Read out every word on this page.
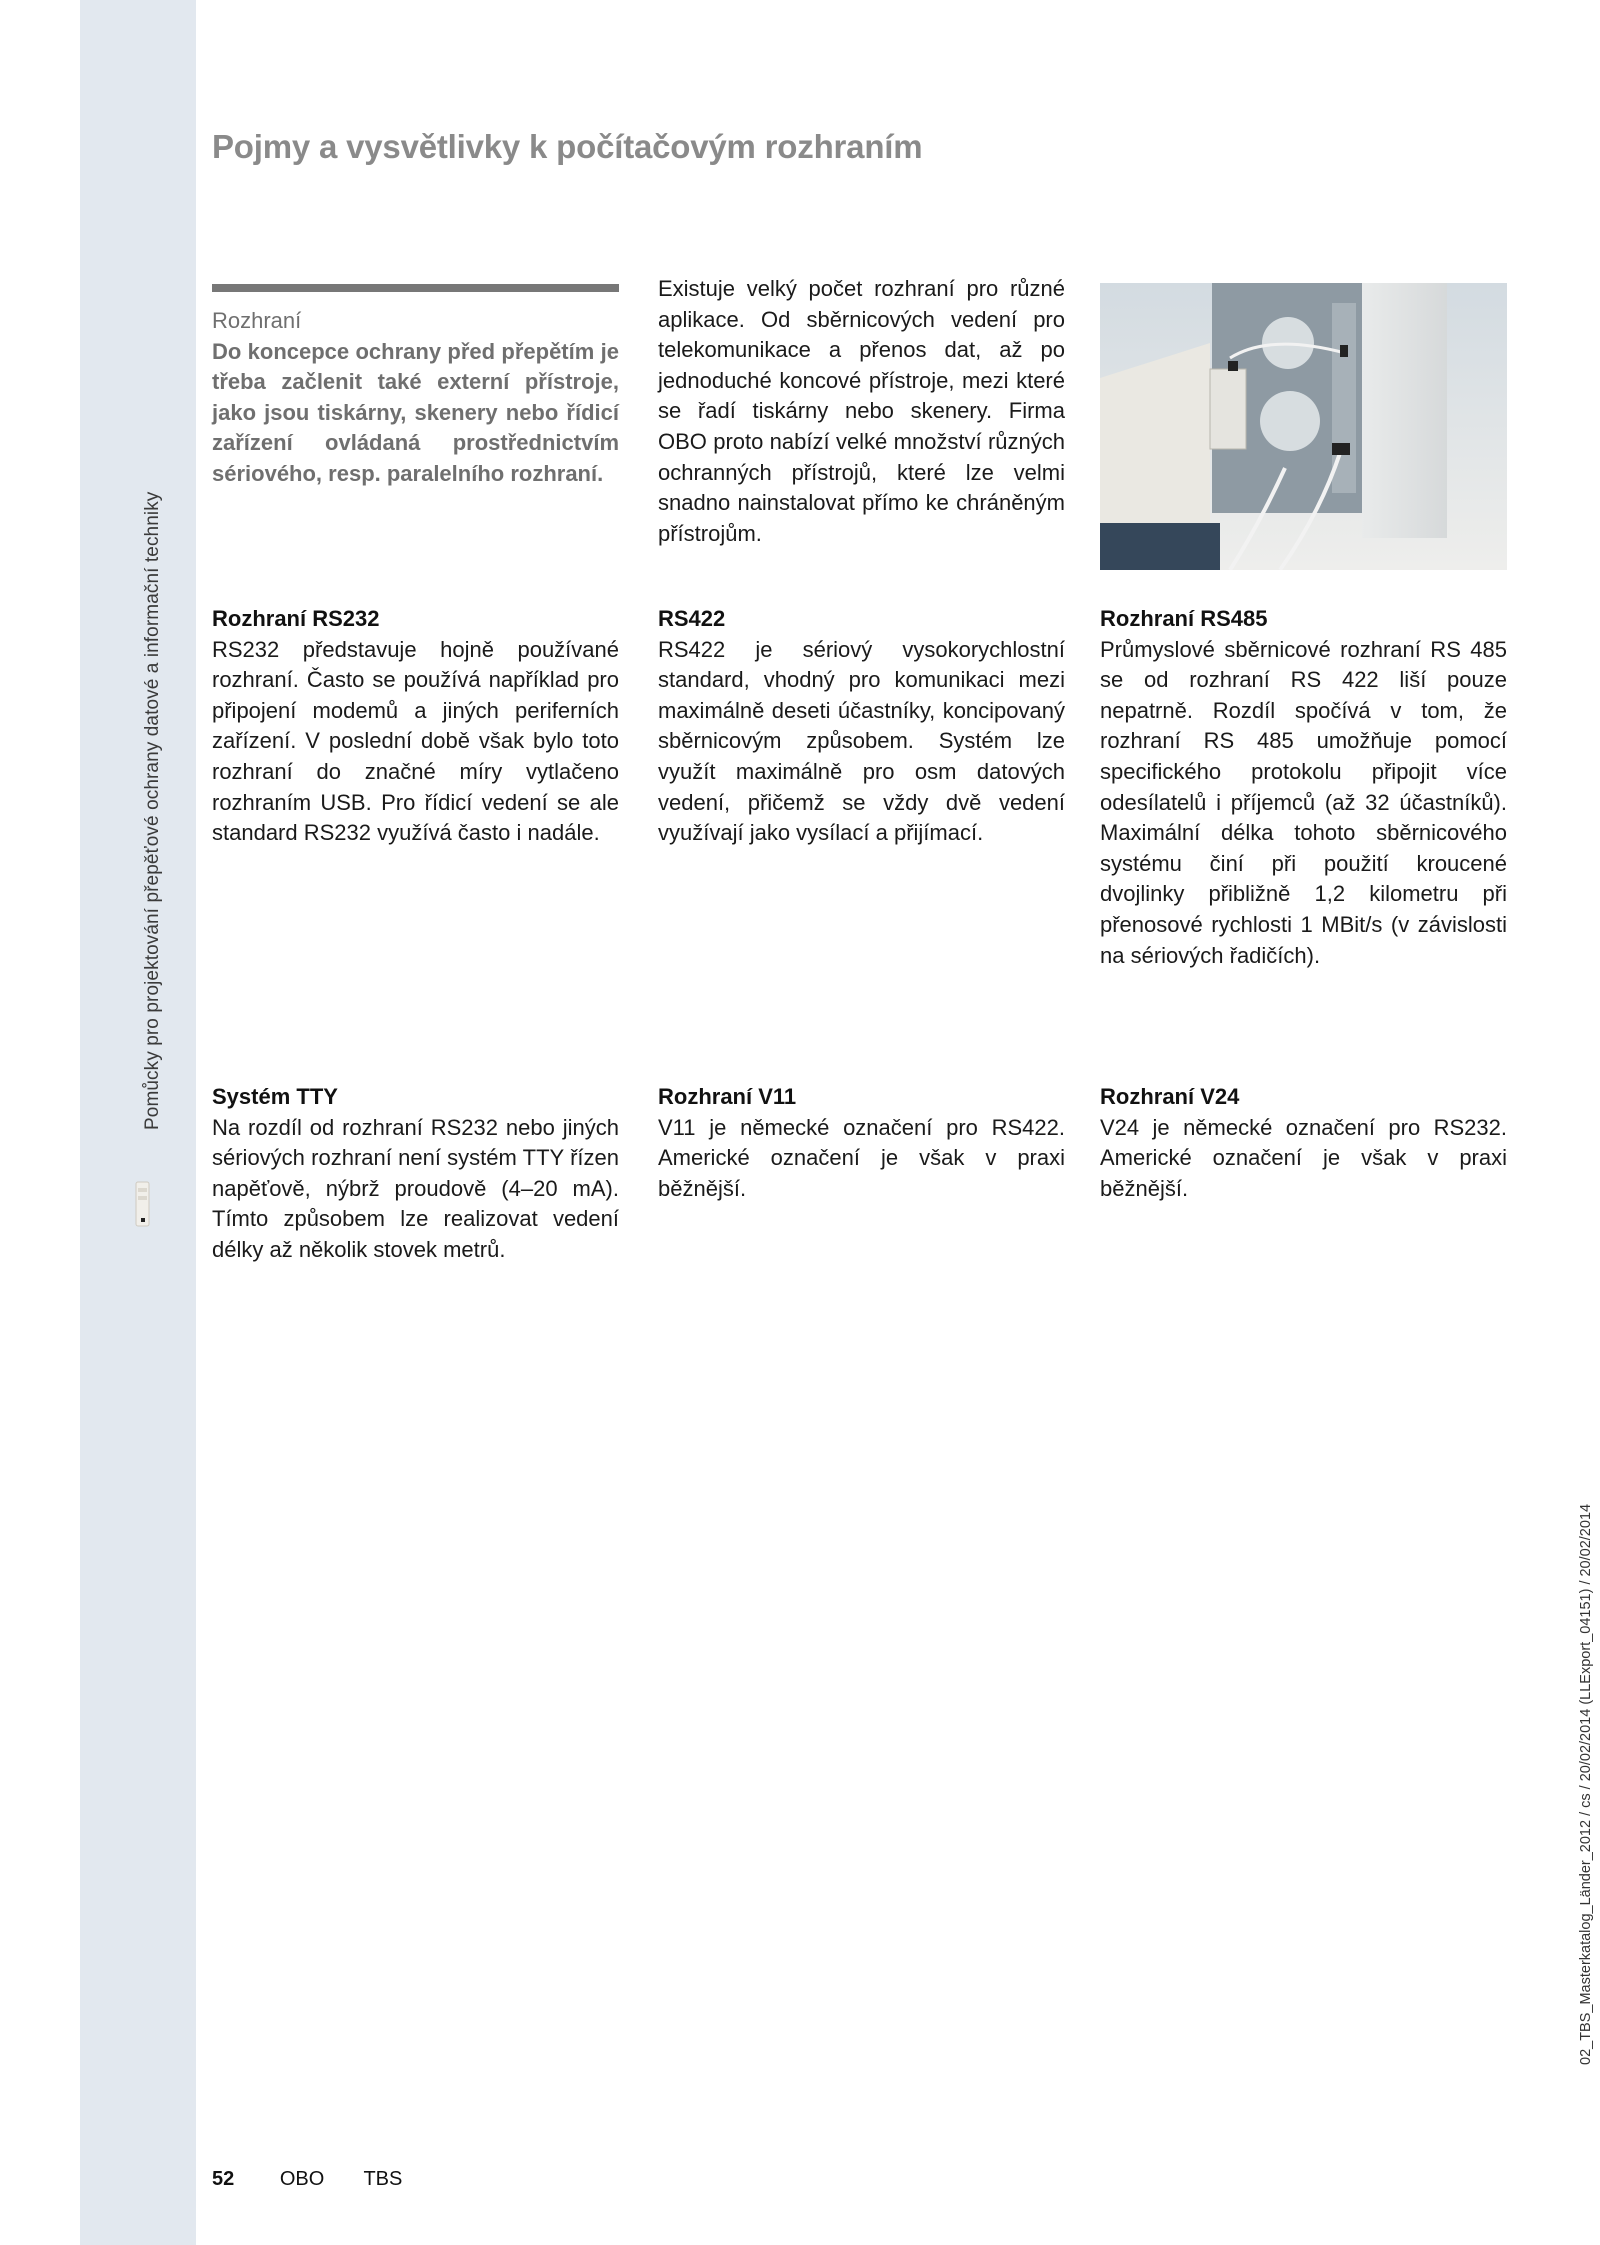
Pomůcky pro projektování přepěťové ochrany datové a informační techniky
Pojmy a vysvětlivky k počítačovým rozhraním

Rozhraní

Do koncepce ochrany před přepětím je třeba začlenit také externí přístroje, jako jsou tiskárny, skenery nebo řídicí zařízení ovládaná prostřednictvím sériového, resp. paralelního rozhraní.

Existuje velký počet rozhraní pro různé aplikace. Od sběrnicových vedení pro telekomunikace a přenos dat, až po jednoduché koncové přístroje, mezi které se řadí tiskárny nebo skenery. Firma OBO proto nabízí velké množství různých ochranných přístrojů, které lze velmi snadno nainstalovat přímo ke chráněným přístrojům.

Rozhraní RS232

RS232 představuje hojně používané rozhraní. Často se používá například pro připojení modemů a jiných periferních zařízení. V poslední době však bylo toto rozhraní do značné míry vytlačeno rozhraním USB. Pro řídicí vedení se ale standard RS232 využívá často i nadále.

RS422

RS422 je sériový vysokorychlostní standard, vhodný pro komunikaci mezi maximálně deseti účastníky, koncipovaný sběrnicovým způsobem. Systém lze využít maximálně pro osm datových vedení, přičemž se vždy dvě vedení využívají jako vysílací a přijímací.

Rozhraní RS485

Průmyslové sběrnicové rozhraní RS 485 se od rozhraní RS 422 liší pouze nepatrně. Rozdíl spočívá v tom, že rozhraní RS 485 umožňuje pomocí specifického protokolu připojit více odesílatelů i příjemců (až 32 účastníků). Maximální délka tohoto sběrnicového systému činí při použití kroucené dvojlinky přibližně 1,2 kilometru při přenosové rychlosti 1 MBit/s (v závislosti na sériových řadičích).

Systém TTY

Na rozdíl od rozhraní RS232 nebo jiných sériových rozhraní není systém TTY řízen napěťově, nýbrž proudově (4–20 mA). Tímto způsobem lze realizovat vedení délky až několik stovek metrů.

Rozhraní V11

V11 je německé označení pro RS422. Americké označení je však v praxi běžnější.

Rozhraní V24

V24 je německé označení pro RS232. Americké označení je však v praxi běžnější.

52 OBO TBS
02_TBS_Masterkatalog_Länder_2012 / cs / 20/02/2014 (LLExport_04151) / 20/02/2014
